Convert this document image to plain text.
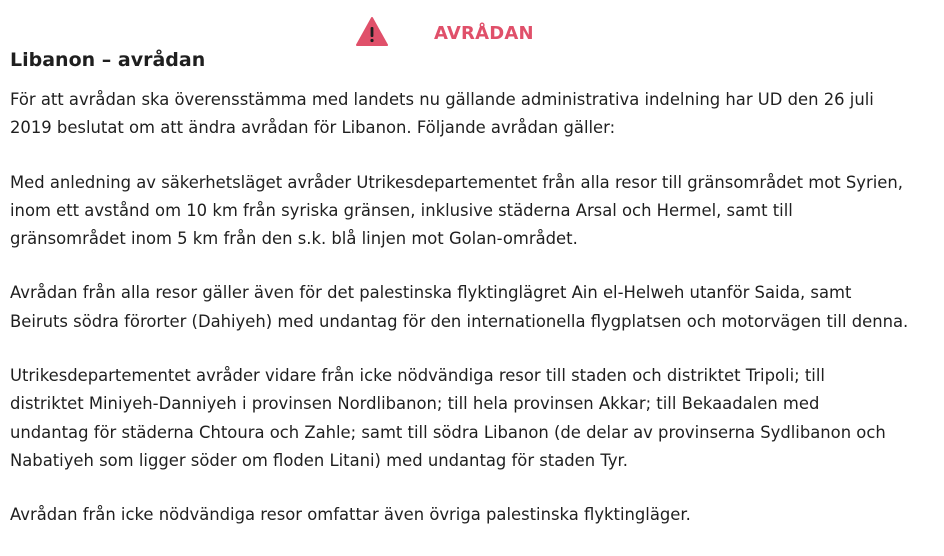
AVRÅDAN
Libanon – avrådan

För att avrådan ska överensstämma med landets nu gällande administrativa indelning har UD den 26 juli
2019 beslutat om att ändra avrådan för Libanon. Följande avrådan gäller:

Med anledning av säkerhetsläget avråder Utrikesdepartementet från alla resor till gränsområdet mot Syrien,
inom ett avstånd om 10 km från syriska gränsen, inklusive städerna Arsal och Hermel, samt till
gränsområdet inom 5 km från den s.k. blå linjen mot Golan-området.

Avrådan från alla resor gäller även för det palestinska flyktinglägret Ain el-Helweh utanför Saida, samt
Beiruts södra förorter (Dahiyeh) med undantag för den internationella flygplatsen och motorvägen till denna.

Utrikesdepartementet avråder vidare från icke nödvändiga resor till staden och distriktet Tripoli; till
distriktet Miniyeh-Danniyeh i provinsen Nordlibanon; till hela provinsen Akkar; till Bekaadalen med
undantag för städerna Chtoura och Zahle; samt till södra Libanon (de delar av provinserna Sydlibanon och
Nabatiyeh som ligger söder om floden Litani) med undantag för staden Tyr.

Avrådan från icke nödvändiga resor omfattar även övriga palestinska flyktingläger.
